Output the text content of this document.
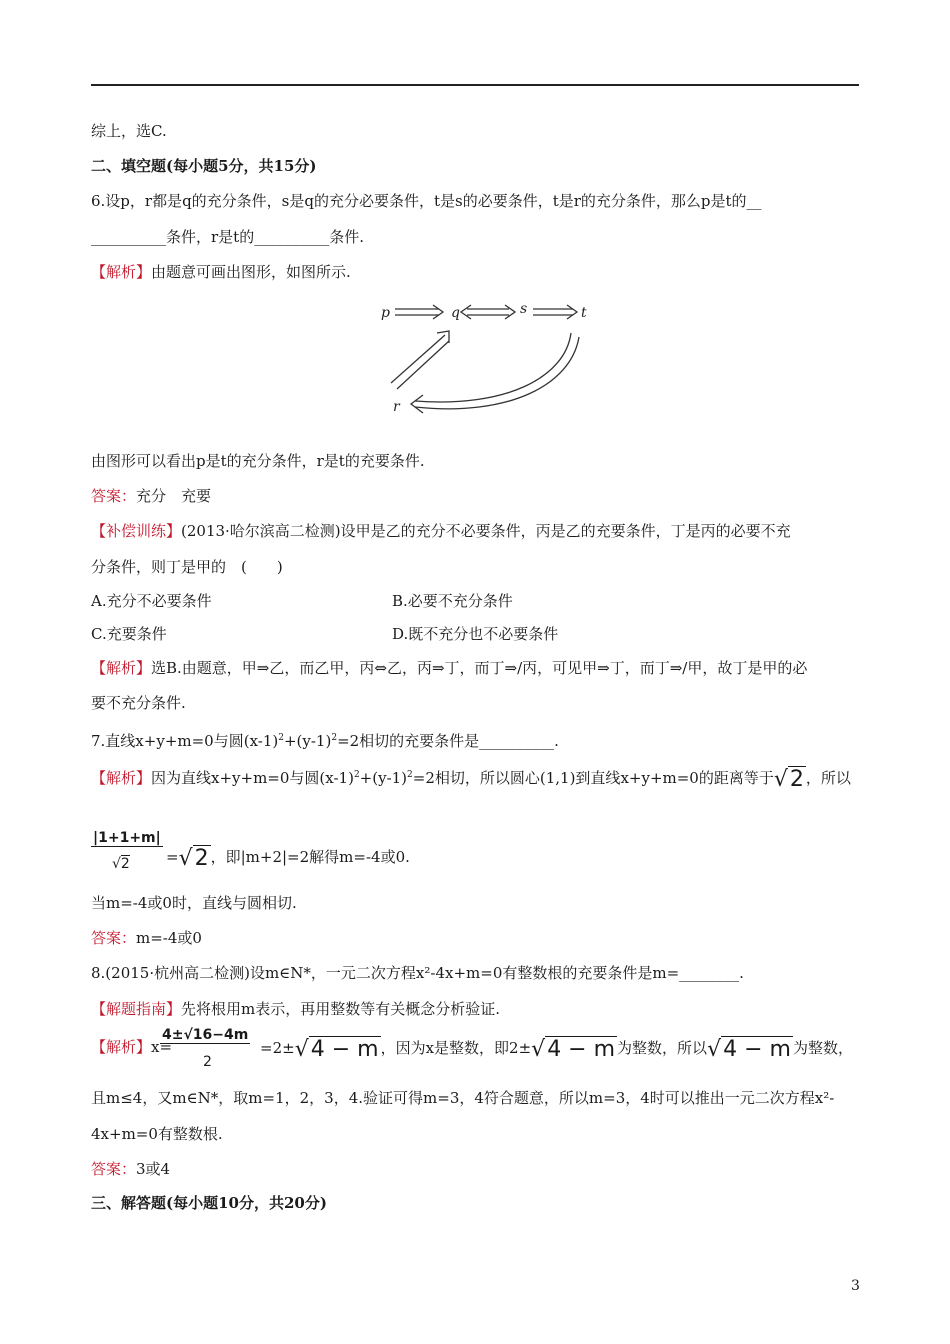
综上，选C.
二、填空题(每小题5分，共15分)
6.设p，r都是q的充分条件，s是q的充分必要条件，t是s的必要条件，t是r的充分条件，那么p是t的__
__________条件，r是t的__________条件.
【解析】由题意可画出图形，如图所示.
p	q	s	t
r
由图形可以看出p是t的充分条件，r是t的充要条件.
答案：充分　充要
【补偿训练】(2013·哈尔滨高二检测)设甲是乙的充分不必要条件，丙是乙的充要条件，丁是丙的必要不充
分条件，则丁是甲的　(　　)
A.充分不必要条件	B.必要不充分条件
C.充要条件	D.既不充分也不必要条件
【解析】选B.由题意，甲⇒乙，而乙甲，丙⇔乙，丙⇒丁，而丁⇒/丙，可见甲⇒丁，而丁⇒/甲，故丁是甲的必
要不充分条件.
7.直线x+y+m=0与圆$(x-1)^2+(y-1)^2=2$相切的充要条件是__________.
【解析】因为直线x+y+m=0与圆$(x-1)^2+(y-1)^2=2$相切，所以圆心(1,1)到直线x+y+m=0的距离等于√2 ，所以
|1+1+m|
√2 =√2 ，即|m+2|=2解得m=-4或0.
当m=-4或0时，直线与圆相切.
答案：m=-4或0
8.(2015·杭州高二检测)设m∈N*，一元二次方程x²-4x+m=0有整数根的充要条件是m=________.
【解题指南】先将根用m表示，再用整数等有关概念分析验证.
【解析】x=
4±√16−4m
2
=2±√4 − m ，因为x是整数，即2±√4 − m 为整数，所以√4 − m 为整数，
且m≤4，又m∈N*，取m=1，2，3，4.验证可得m=3，4符合题意，所以m=3，4时可以推出一元二次方程x²-
4x+m=0有整数根.
答案：3或4
三、解答题(每小题10分，共20分)
3
